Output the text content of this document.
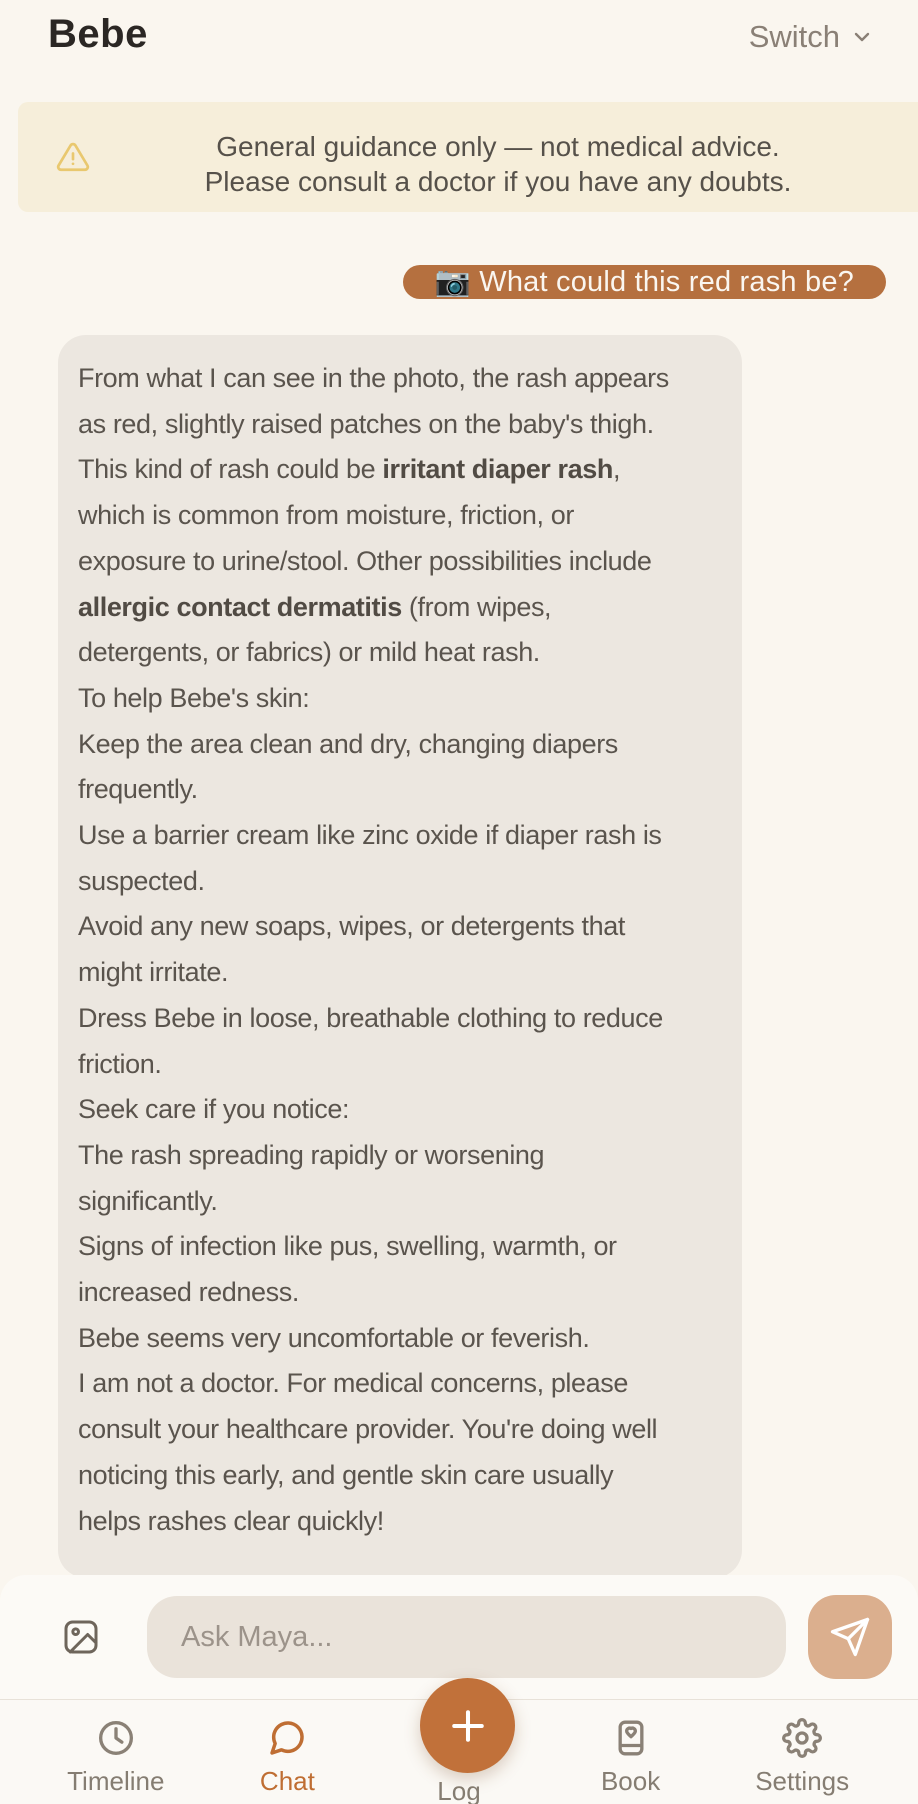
Bebe	Switch
General guidance only — not medical advice.
Please consult a doctor if you have any doubts.
📷 What could this red rash be?
From what I can see in the photo, the rash appears
as red, slightly raised patches on the baby's thigh.
This kind of rash could be irritant diaper rash,
which is common from moisture, friction, or
exposure to urine/stool. Other possibilities include
allergic contact dermatitis (from wipes,
detergents, or fabrics) or mild heat rash.
To help Bebe's skin:
Keep the area clean and dry, changing diapers
frequently.
Use a barrier cream like zinc oxide if diaper rash is
suspected.
Avoid any new soaps, wipes, or detergents that
might irritate.
Dress Bebe in loose, breathable clothing to reduce
friction.
Seek care if you notice:
The rash spreading rapidly or worsening
significantly.
Signs of infection like pus, swelling, warmth, or
increased redness.
Bebe seems very uncomfortable or feverish.
I am not a doctor. For medical concerns, please
consult your healthcare provider. You're doing well
noticing this early, and gentle skin care usually
helps rashes clear quickly!
Ask Maya...
Timeline	Chat	Log	Book	Settings
